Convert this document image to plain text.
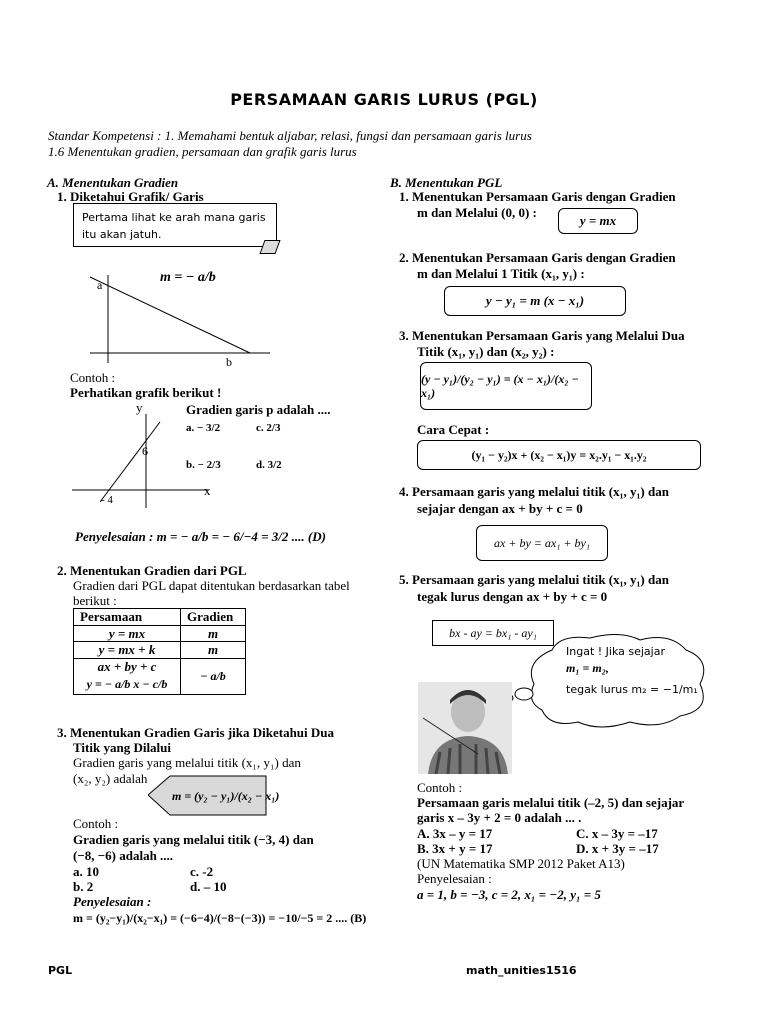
PERSAMAAN GARIS LURUS (PGL)
Standar Kompetensi : 1. Memahami bentuk aljabar, relasi, fungsi dan persamaan garis lurus
1.6 Menentukan gradien, persamaan dan grafik garis lurus
A. Menentukan Gradien
1. Diketahui Grafik/ Garis
Pertama lihat ke arah mana garis itu akan jatuh.
a
b
m = − a/b
Contoh :
Perhatikan grafik berikut !
y
x
6
- 4
Gradien garis p adalah ....
a. − 3/2	c. 2/3
b. − 2/3	d. 3/2
Penyelesaian : m = − a/b = − 6/−4 = 3/2 .... (D)
2. Menentukan Gradien dari PGL
Gradien dari PGL dapat ditentukan berdasarkan tabel
berikut :
Persamaan	Gradien
y = mx	m
y = mx + k	m
ax + by + c	− a/b
y = − a/b x − c/b	
3. Menentukan Gradien Garis jika Diketahui Dua
Titik yang Dilalui
Gradien garis yang melalui titik (x₁, y₁) dan
(x₂, y₂) adalah
m = (y₂ − y₁)/(x₂ − x₁)
Contoh :
Gradien garis yang melalui titik (−3, 4) dan
(−8, −6) adalah ....
a. 10	c. -2
b. 2	d. – 10
Penyelesaian :
m = (y₂−y₁)/(x₂−x₁) = (−6−4)/(−8−(−3)) = −10/−5 = 2 .... (B)
B. Menentukan PGL
1. Menentukan Persamaan Garis dengan Gradien
m dan Melalui (0, 0) :
y = mx
2. Menentukan Persamaan Garis dengan Gradien
m dan Melalui 1 Titik (x₁, y₁) :
y − y₁ = m (x − x₁)
3. Menentukan Persamaan Garis yang Melalui Dua
Titik (x₁, y₁) dan (x₂, y₂) :
(y − y₁)/(y₂ − y₁) = (x − x₁)/(x₂ − x₁)
Cara Cepat :
(y₁ − y₂)x + (x₂ − x₁)y = x₂.y₁ − x₁.y₂
4. Persamaan garis yang melalui titik (x₁, y₁) dan
sejajar dengan ax + by + c = 0
ax + by = ax₁ + by₁
5. Persamaan garis yang melalui titik (x₁, y₁) dan
tegak lurus dengan ax + by + c = 0
bx - ay = bx₁ - ay₁
Ingat ! Jika sejajar
m₁ = m₂,
tegak lurus m₂ = −1/m₁
Contoh :
Persamaan garis melalui titik (–2, 5) dan sejajar
garis x – 3y + 2 = 0 adalah ... .
A. 3x – y = 17	C. x – 3y = –17
B. 3x + y = 17	D. x + 3y = –17
(UN Matematika SMP 2012 Paket A13)
Penyelesaian :
a = 1, b = −3, c = 2, x₁ = −2, y₁ = 5
PGL	math_unities1516
